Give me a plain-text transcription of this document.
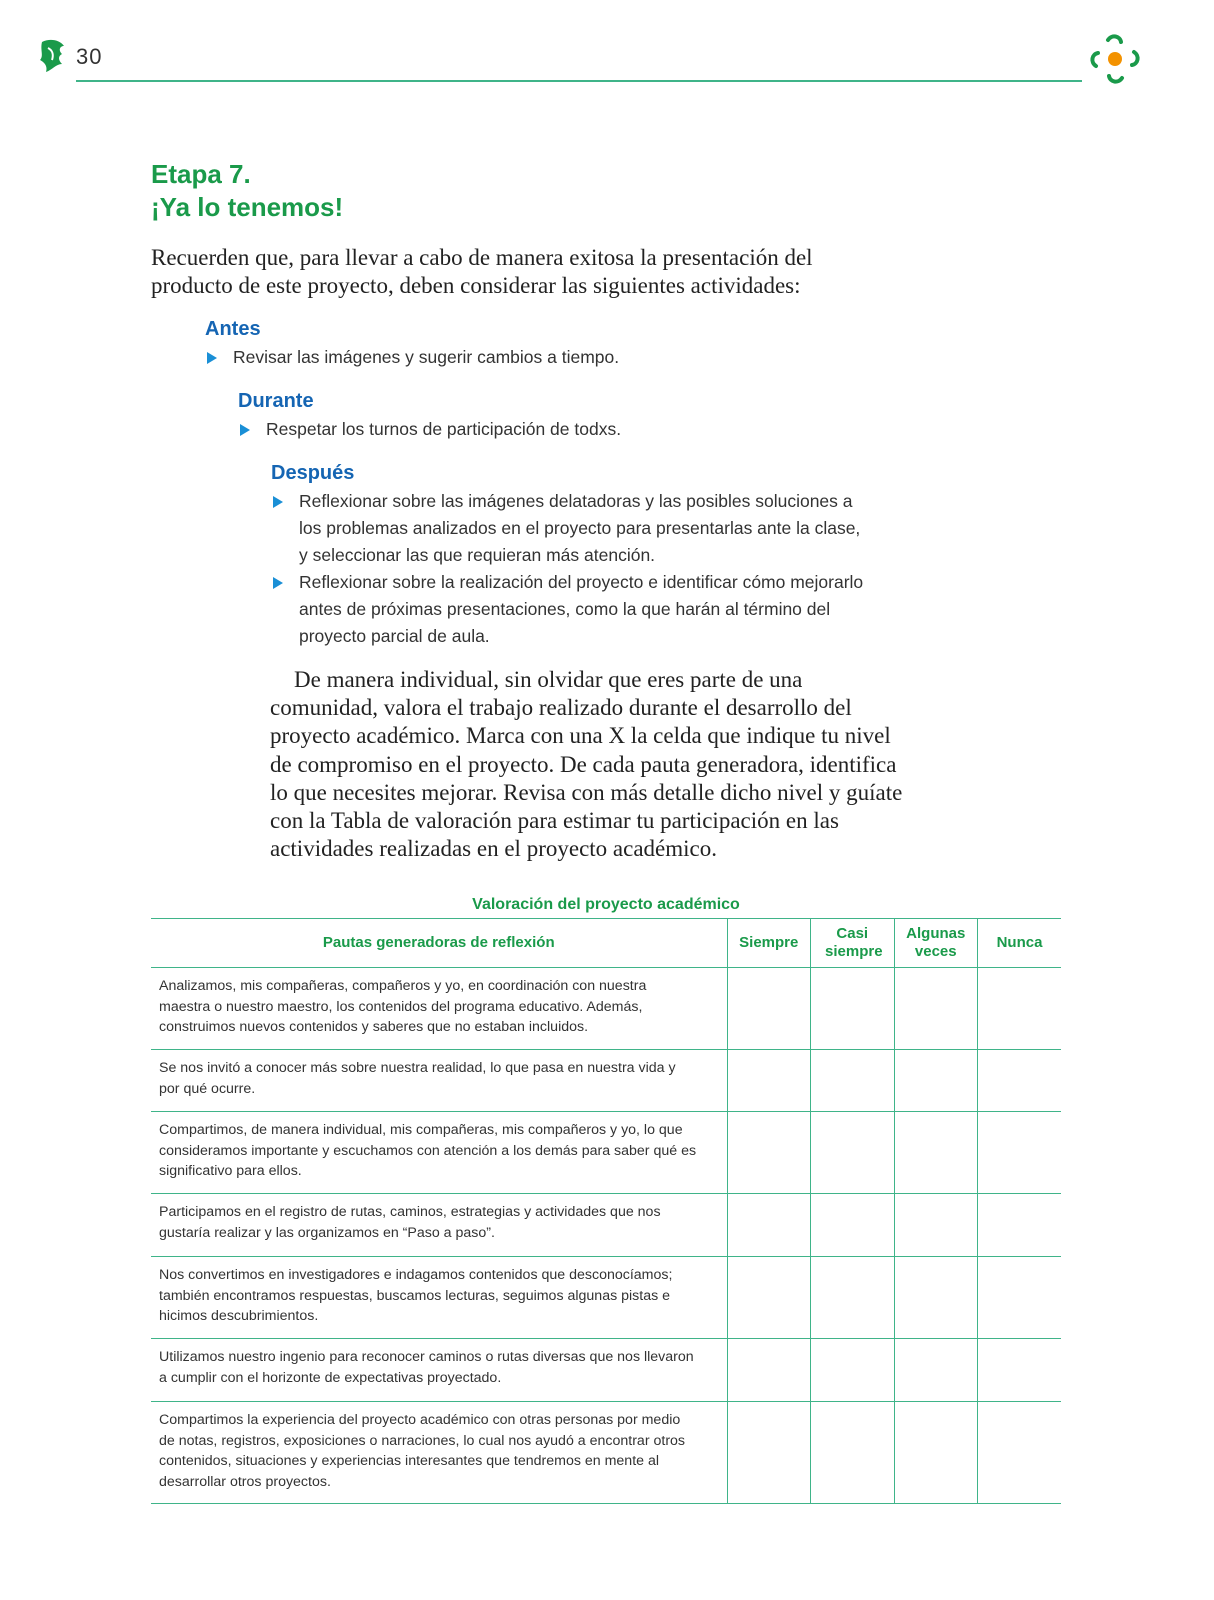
30
Etapa 7.
¡Ya lo tenemos!

Recuerden que, para llevar a cabo de manera exitosa la presentación del producto de este proyecto, deben considerar las siguientes actividades:

Antes
Revisar las imágenes y sugerir cambios a tiempo.
Durante
Respetar los turnos de participación de todxs.
Después
Reflexionar sobre las imágenes delatadoras y las posibles soluciones a los problemas analizados en el proyecto para presentarlas ante la clase, y seleccionar las que requieran más atención.
Reflexionar sobre la realización del proyecto e identificar cómo mejorarlo antes de próximas presentaciones, como la que harán al término del proyecto parcial de aula.

De manera individual, sin olvidar que eres parte de una comunidad, valora el trabajo realizado durante el desarrollo del proyecto académico. Marca con una X la celda que indique tu nivel de compromiso en el proyecto. De cada pauta generadora, identifica lo que necesites mejorar. Revisa con más detalle dicho nivel y guíate con la Tabla de valoración para estimar tu participación en las actividades realizadas en el proyecto académico.

Valoración del proyecto académico

Pautas generadoras de reflexión	Siempre	Casi siempre	Algunas veces	Nunca
Analizamos, mis compañeras, compañeros y yo, en coordinación con nuestra maestra o nuestro maestro, los contenidos del programa educativo. Además, construimos nuevos contenidos y saberes que no estaban incluidos.				
Se nos invitó a conocer más sobre nuestra realidad, lo que pasa en nuestra vida y por qué ocurre.				
Compartimos, de manera individual, mis compañeras, mis compañeros y yo, lo que consideramos importante y escuchamos con atención a los demás para saber qué es significativo para ellos.				
Participamos en el registro de rutas, caminos, estrategias y actividades que nos gustaría realizar y las organizamos en “Paso a paso”.				
Nos convertimos en investigadores e indagamos contenidos que desconocíamos; también encontramos respuestas, buscamos lecturas, seguimos algunas pistas e hicimos descubrimientos.				
Utilizamos nuestro ingenio para reconocer caminos o rutas diversas que nos llevaron a cumplir con el horizonte de expectativas proyectado.				
Compartimos la experiencia del proyecto académico con otras personas por medio de notas, registros, exposiciones o narraciones, lo cual nos ayudó a encontrar otros contenidos, situaciones y experiencias interesantes que tendremos en mente al desarrollar otros proyectos.				
